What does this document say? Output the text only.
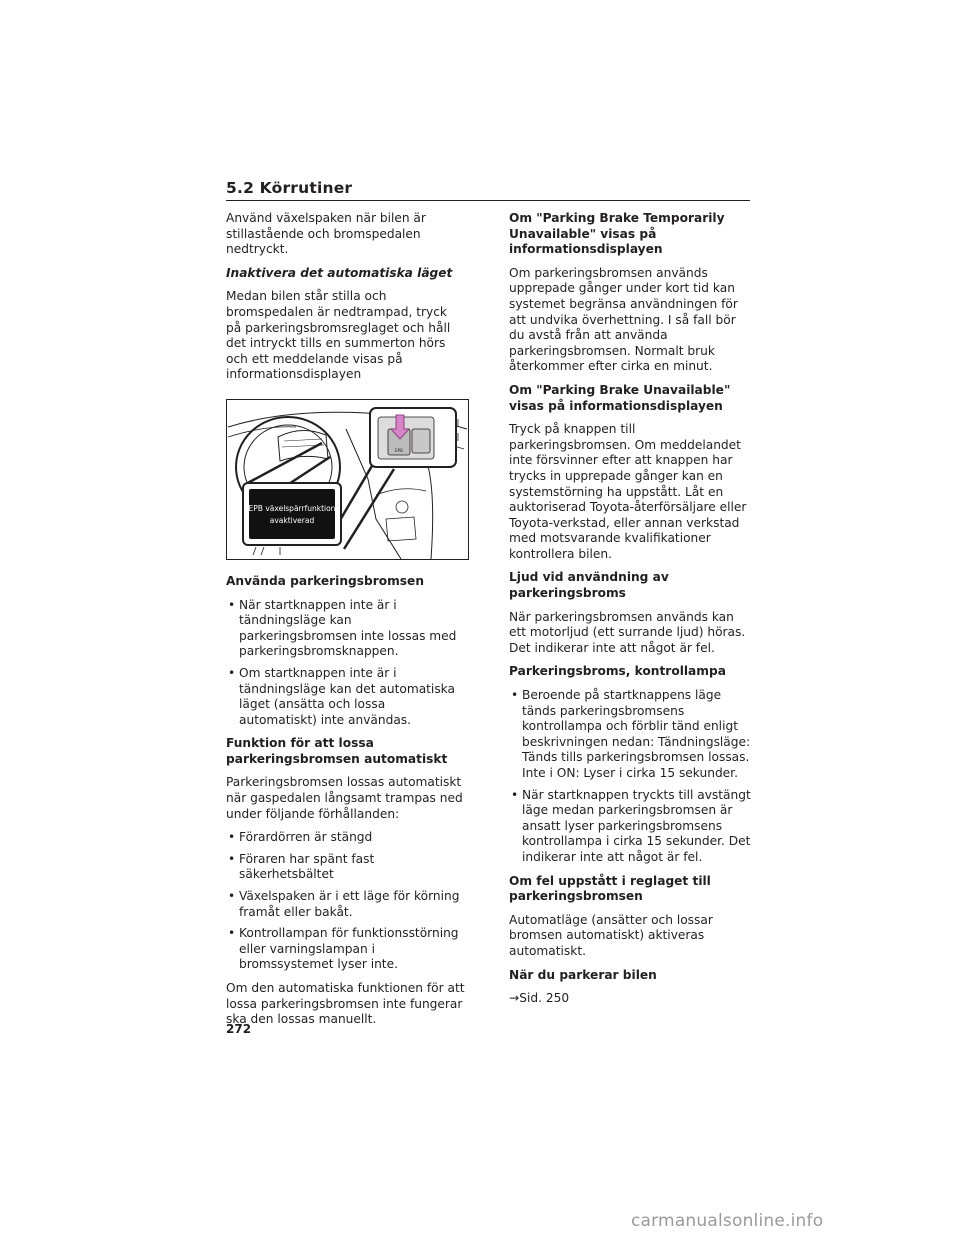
5.2 Körrutiner

Använd växelspaken när bilen är stillastående och bromspedalen nedtryckt.

Inaktivera det automatiska läget

Medan bilen står stilla och bromspedalen är nedtrampad, tryck på parkeringsbromsreglaget och håll det intryckt tills en summerton hörs och ett meddelande visas på informationsdisplayen

EPB
EPB växelspärrfunktion
avaktiverad

Använda parkeringsbromsen

• När startknappen inte är i tändningsläge kan parkeringsbromsen inte lossas med parkeringsbromsknappen.
• Om startknappen inte är i tändningsläge kan det automatiska läget (ansätta och lossa automatiskt) inte användas.

Funktion för att lossa parkeringsbromsen automatiskt

Parkeringsbromsen lossas automatiskt när gaspedalen långsamt trampas ned under följande förhållanden:

• Förardörren är stängd
• Föraren har spänt fast säkerhetsbältet
• Växelspaken är i ett läge för körning framåt eller bakåt.
• Kontrollampan för funktionsstörning eller varningslampan i bromssystemet lyser inte.

Om den automatiska funktionen för att lossa parkeringsbromsen inte fungerar ska den lossas manuellt.

Om "Parking Brake Temporarily Unavailable" visas på informationsdisplayen

Om parkeringsbromsen används upprepade gånger under kort tid kan systemet begränsa användningen för att undvika överhettning. I så fall bör du avstå från att använda parkeringsbromsen. Normalt bruk återkommer efter cirka en minut.

Om "Parking Brake Unavailable" visas på informationsdisplayen

Tryck på knappen till parkeringsbromsen. Om meddelandet inte försvinner efter att knappen har trycks in upprepade gånger kan en systemstörning ha uppstått. Låt en auktoriserad Toyota-återförsäljare eller Toyota-verkstad, eller annan verkstad med motsvarande kvalifikationer kontrollera bilen.

Ljud vid användning av parkeringsbroms

När parkeringsbromsen används kan ett motorljud (ett surrande ljud) höras. Det indikerar inte att något är fel.

Parkeringsbroms, kontrollampa

• Beroende på startknappens läge tänds parkeringsbromsens kontrollampa och förblir tänd enligt beskrivningen nedan: Tändningsläge: Tänds tills parkeringsbromsen lossas. Inte i ON: Lyser i cirka 15 sekunder.
• När startknappen tryckts till avstängt läge medan parkeringsbromsen är ansatt lyser parkeringsbromsens kontrollampa i cirka 15 sekunder. Det indikerar inte att något är fel.

Om fel uppstått i reglaget till parkeringsbromsen

Automatläge (ansätter och lossar bromsen automatiskt) aktiveras automatiskt.

När du parkerar bilen

→Sid. 250

272
carmanualsonline.info
